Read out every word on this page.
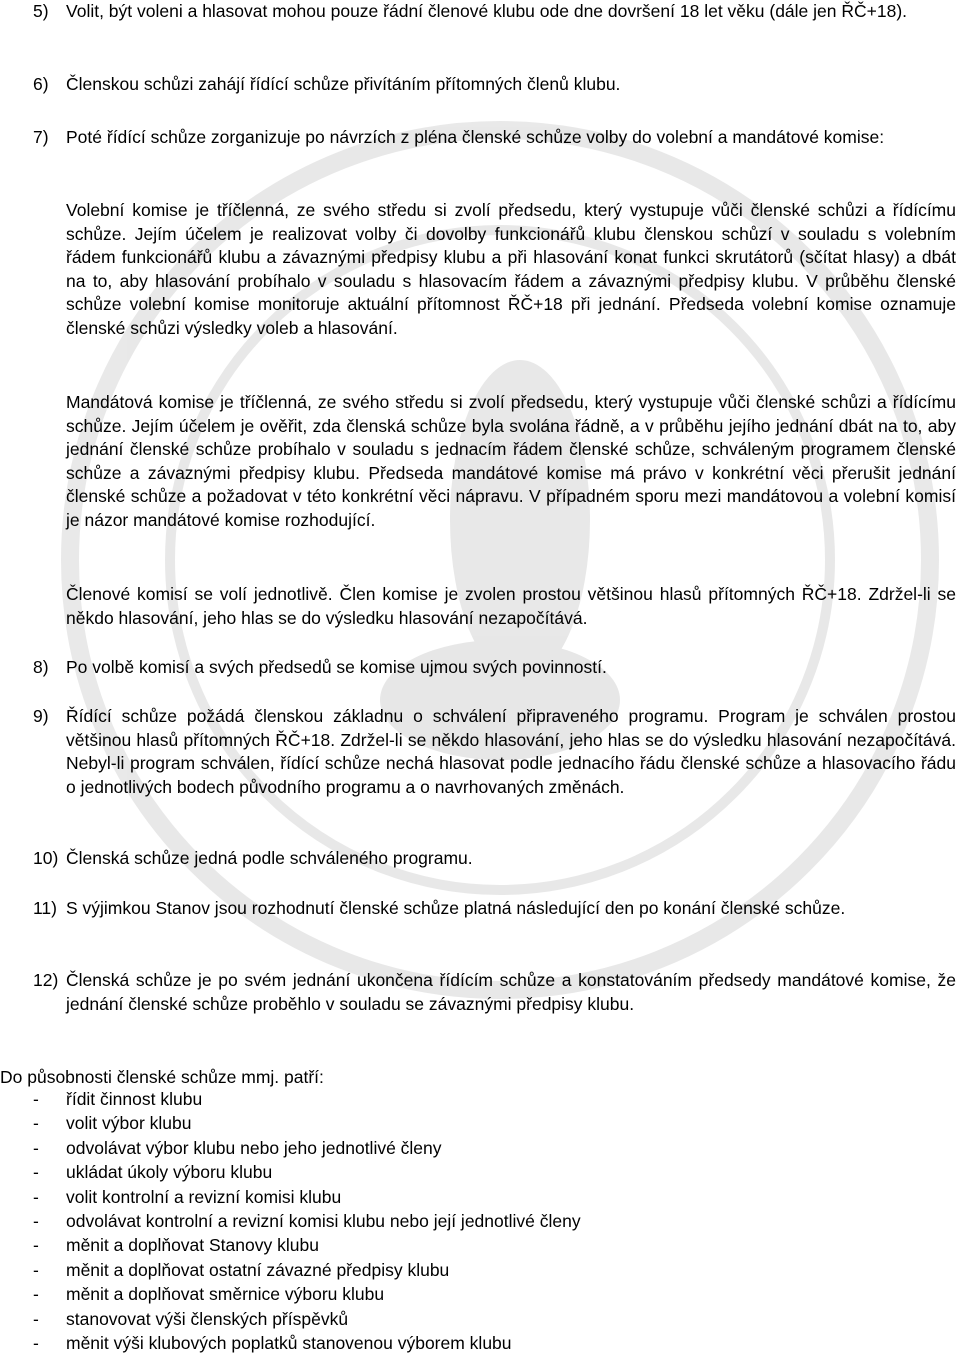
5) Volit, být voleni a hlasovat mohou pouze řádní členové klubu ode dne dovršení 18 let věku (dále jen ŘČ+18).
6) Členskou schůzi zahájí řídící schůze přivítáním přítomných členů klubu.
7) Poté řídící schůze zorganizuje po návrzích z pléna členské schůze volby do volební a mandátové komise:
Volební komise je tříčlenná, ze svého středu si zvolí předsedu, který vystupuje vůči členské schůzi a řídícímu schůze. Jejím účelem je realizovat volby či dovolby funkcionářů klubu členskou schůzí v souladu s volebním řádem funkcionářů klubu a závaznými předpisy klubu a při hlasování konat funkci skrutátorů (sčítat hlasy) a dbát na to, aby hlasování probíhalo v souladu s hlasovacím řádem a závaznými předpisy klubu. V průběhu členské schůze volební komise monitoruje aktuální přítomnost ŘČ+18 při jednání. Předseda volební komise oznamuje členské schůzi výsledky voleb a hlasování.
Mandátová komise je tříčlenná, ze svého středu si zvolí předsedu, který vystupuje vůči členské schůzi a řídícímu schůze. Jejím účelem je ověřit, zda členská schůze byla svolána řádně, a v průběhu jejího jednání dbát na to, aby jednání členské schůze probíhalo v souladu s jednacím řádem členské schůze, schváleným programem členské schůze a závaznými předpisy klubu. Předseda mandátové komise má právo v konkrétní věci přerušit jednání členské schůze a požadovat v této konkrétní věci nápravu. V případném sporu mezi mandátovou a volební komisí je názor mandátové komise rozhodující.
Členové komisí se volí jednotlivě. Člen komise je zvolen prostou většinou hlasů přítomných ŘČ+18. Zdržel-li se někdo hlasování, jeho hlas se do výsledku hlasování nezapočítává.
8) Po volbě komisí a svých předsedů se komise ujmou svých povinností.
9) Řídící schůze požádá členskou základnu o schválení připraveného programu. Program je schválen prostou většinou hlasů přítomných ŘČ+18. Zdržel-li se někdo hlasování, jeho hlas se do výsledku hlasování nezapočítává. Nebyl-li program schválen, řídící schůze nechá hlasovat podle jednacího řádu členské schůze a hlasovacího řádu o jednotlivých bodech původního programu a o navrhovaných změnách.
10) Členská schůze jedná podle schváleného programu.
11) S výjimkou Stanov jsou rozhodnutí členské schůze platná následující den po konání členské schůze.
12) Členská schůze je po svém jednání ukončena řídícím schůze a konstatováním předsedy mandátové komise, že jednání členské schůze proběhlo v souladu se závaznými předpisy klubu.
Do působnosti členské schůze mmj. patří:
- řídit činnost klubu
- volit výbor klubu
- odvolávat výbor klubu nebo jeho jednotlivé členy
- ukládat úkoly výboru klubu
- volit kontrolní a revizní komisi klubu
- odvolávat kontrolní a revizní komisi klubu nebo její jednotlivé členy
- měnit a doplňovat Stanovy klubu
- měnit a doplňovat ostatní závazné předpisy klubu
- měnit a doplňovat směrnice výboru klubu
- stanovovat výši členských příspěvků
- měnit výši klubových poplatků stanovenou výborem klubu
